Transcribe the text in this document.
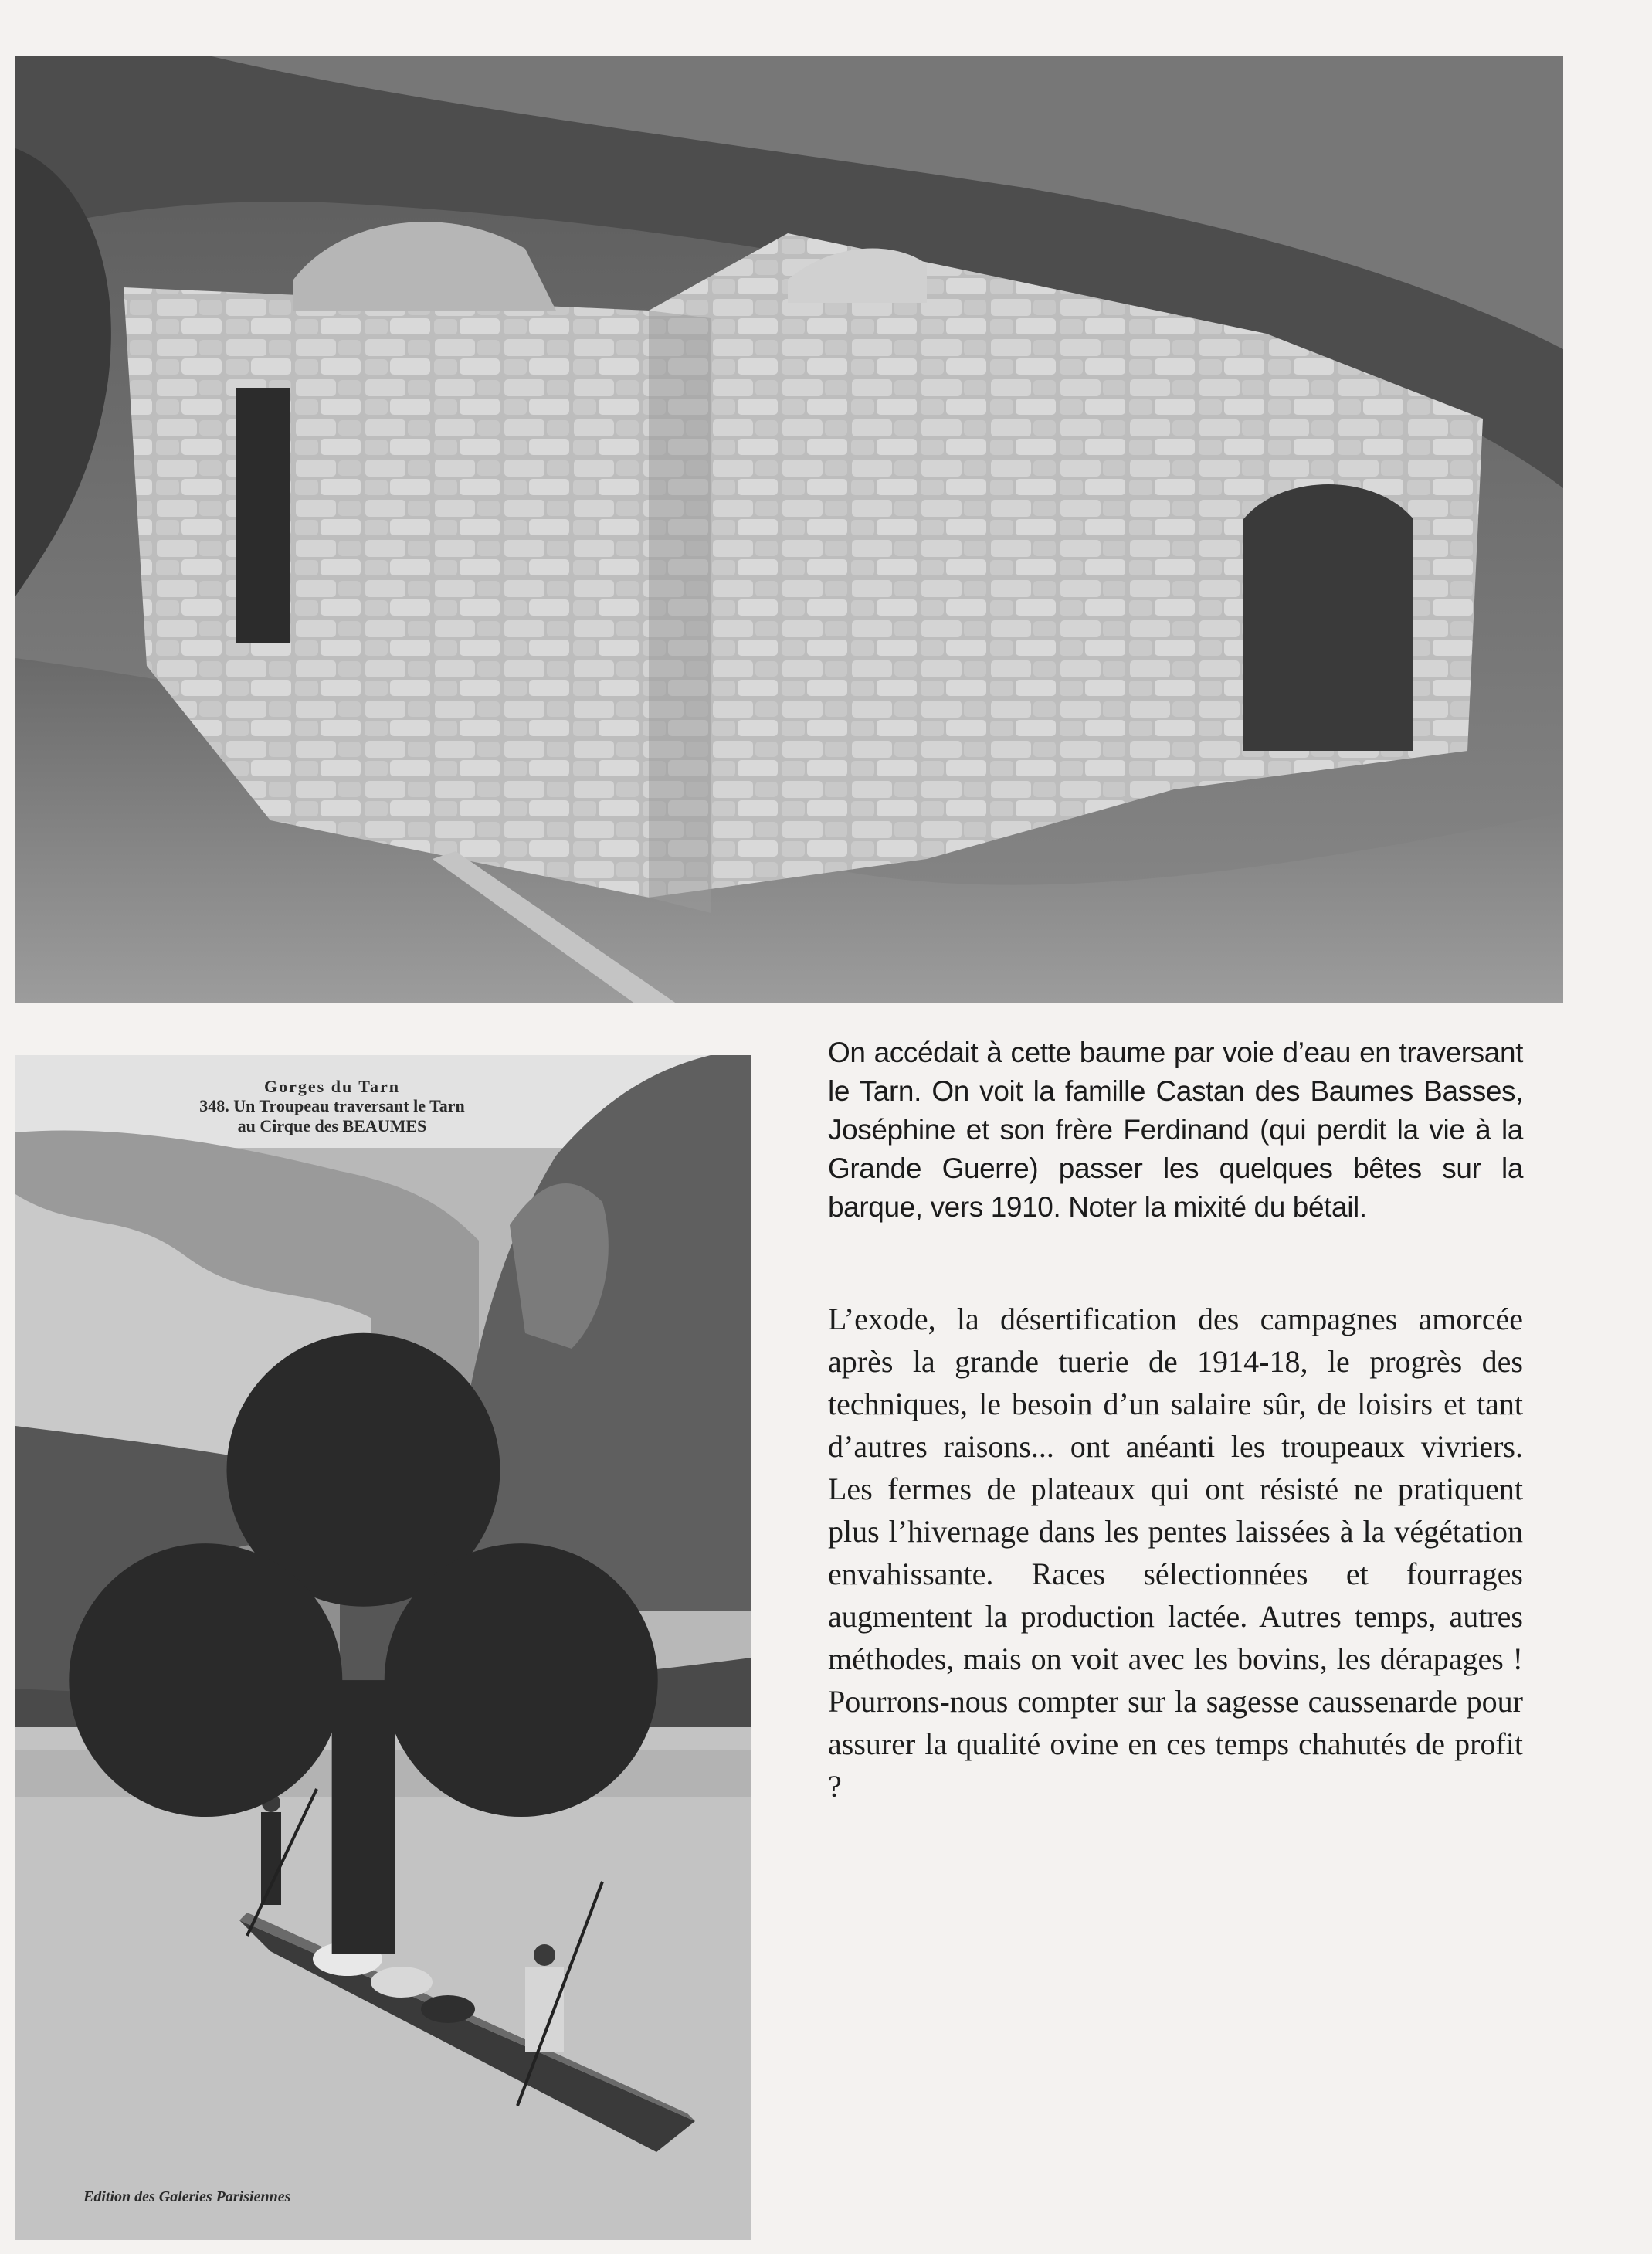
Gorges du Tarn
348. Un Troupeau traversant le Tarn
au Cirque des BEAUMES
Edition des Galeries Parisiennes
On accédait à cette baume par voie d’eau en traversant le Tarn. On voit la famille Castan des Baumes Basses, Joséphine et son frère Ferdinand (qui perdit la vie à la Grande Guerre) passer les quelques bêtes sur la barque, vers 1910. Noter la mixité du bétail.
L’exode, la désertification des campagnes amorcée après la grande tuerie de 1914-18, le progrès des techniques, le besoin d’un salaire sûr, de loisirs et tant d’autres raisons... ont anéanti les troupeaux vivriers. Les fermes de plateaux qui ont résisté ne pratiquent plus l’hivernage dans les pentes laissées à la végétation envahissante. Races sélectionnées et fourrages augmentent la production lactée. Autres temps, autres méthodes, mais on voit avec les bovins, les dérapages ! Pourrons-nous compter sur la sagesse caussenarde pour assurer la qualité ovine en ces temps chahutés de profit ?
